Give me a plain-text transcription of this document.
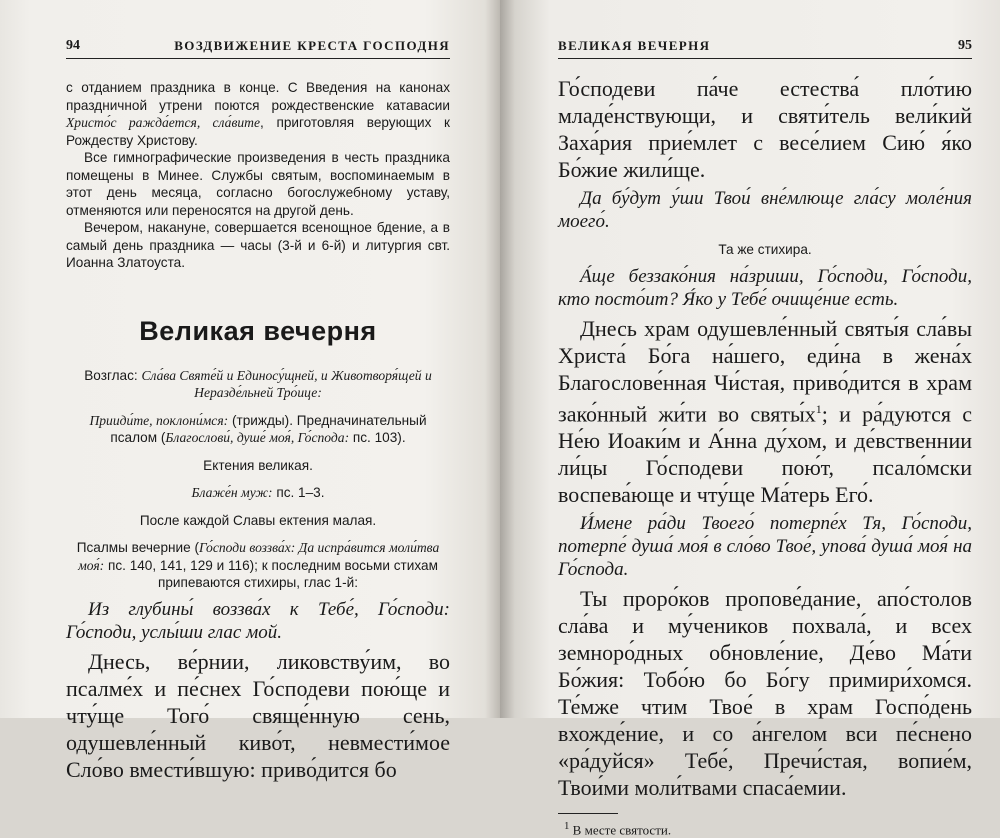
94	ВОЗДВИЖЕНИЕ КРЕСТА ГОСПОДНЯ

с отданием праздника в конце. С Введения на канонах праздничной утрени поются рождественские катавасии Христо́с ражда́ется, сла́вите, приготовляя верующих к Рождеству Христову.

Все гимнографические произведения в честь праздника помещены в Минее. Службы святым, воспоминаемым в этот день месяца, согласно богослужебному уставу, отменяются или переносятся на другой день.

Вечером, накануне, совершается всенощное бдение, а в самый день праздника — часы (3-й и 6-й) и литургия свт. Иоанна Златоуста.

Великая вечерня

Возглас: Сла́ва Святе́й и Единосу́щней, и Животворя́щей и Неразде́льней Тро́ице:

Прииди́те, поклони́мся: (трижды). Предначинательный псалом (Благослови́, душе́ моя́, Го́спода: пс. 103).

Ектения великая.

Блаже́н муж: пс. 1–3.

После каждой Славы ектения малая.

Псалмы вечерние (Го́споди воззва́х: Да испра́вится моли́тва моя́: пс. 140, 141, 129 и 116); к последним восьми стихам припеваются стихиры, глас 1-й:

Из глубины́ воззва́х к Тебе́, Го́споди: Го́споди, услы́ши глас мой.

Днесь, ве́рнии, ликовству́им, во псалме́х и пе́снех Го́сподеви пою́ще и чту́ще Того́ свяще́нную сень, одушевле́нный киво́т, невмести́мое Сло́во вмести́вшую: приво́дится бо

ВЕЛИКАЯ ВЕЧЕРНЯ	95

Го́сподеви па́че естества́ пло́тию младе́нствующи, и святи́тель вели́кий Заха́рия прие́млет с весе́лием Сию́ я́ко Бо́жие жили́ще.

Да бу́дут у́ши Твои́ вне́млюще гла́су моле́ния моего́.

Та же стихира.

А́ще беззако́ния на́зриши, Го́споди, Го́споди, кто посто́ит? Я́ко у Тебе́ очище́ние есть.

Днесь храм одушевле́нный святы́я сла́вы Христа́ Бо́га на́шего, еди́на в жена́х Благослове́нная Чи́стая, приво́дится в храм зако́нный жи́ти во $святы́х^1$; и ра́дуются с Не́ю Иоаки́м и А́нна ду́хом, и де́вственнии ли́цы Го́сподеви пою́т, псало́мски воспева́юще и чту́ще Ма́терь Его́.

И́мене ра́ди Твоего́ потерпе́х Тя, Го́споди, потерпе́ душа́ моя́ в сло́во Твое́, упова́ душа́ моя́ на Го́спода.

Ты проро́ков пропове́дание, апо́столов сла́ва и му́чеников похвала́, и всех земноро́дных обновле́ние, Де́во Ма́ти Бо́жия: Тобо́ю бо Бо́гу примири́хомся. Те́мже чтим Твое́ в храм Госпо́день вхожде́ние, и со а́нгелом вси пе́снено «ра́дуйся» Тебе́, Пречи́стая, вопие́м, Твои́ми моли́твами спаса́емии.

$^1$ В месте святости.
